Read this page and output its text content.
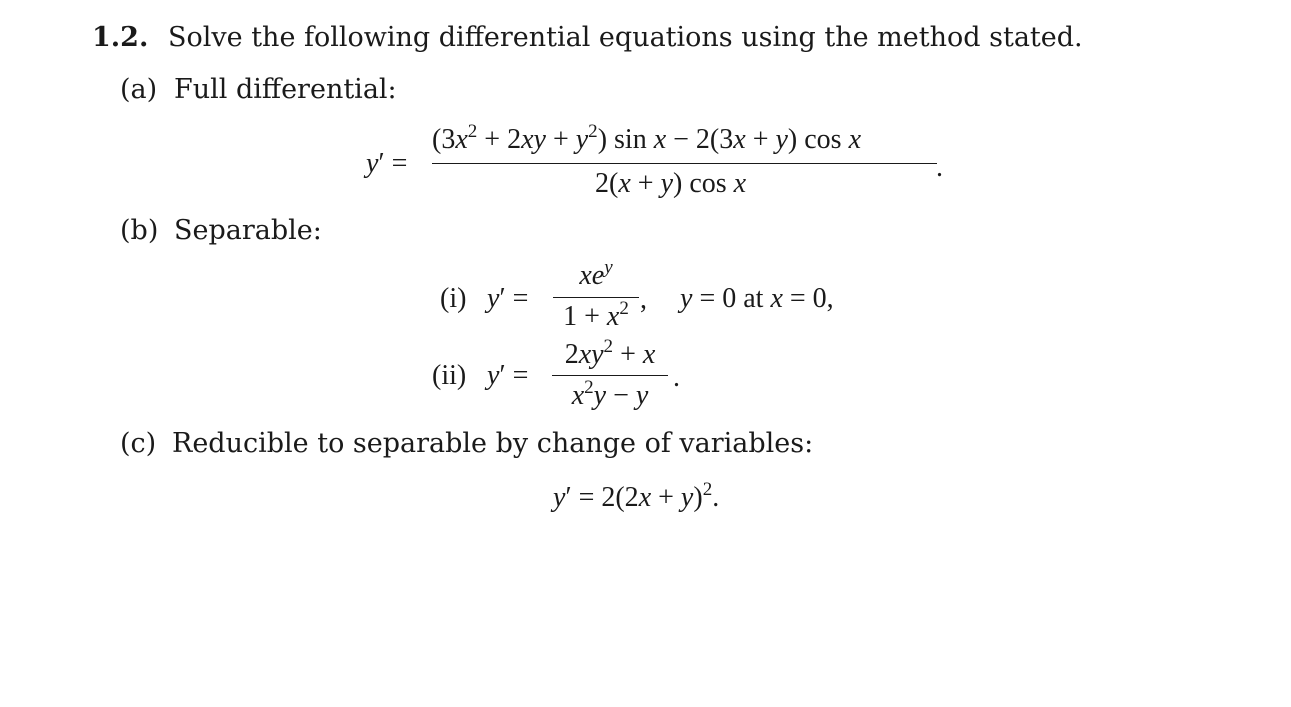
1.2. Solve the following differential equations using the method stated.
(a) Full differential:
y′ =
$(3x^2 + 2xy + y^2)$ sin x − 2(3x + y) cos x
2(x + y) cos x
.
(b) Separable:
(i) y′ =
$xe^y$
$1 + x^2$ , y = 0 at x = 0,
(ii) y′ =
$2xy^2 + x$
$x^2y - y$
.
(c) Reducible to separable by change of variables:
$y' = 2(2x + y)^2$.
